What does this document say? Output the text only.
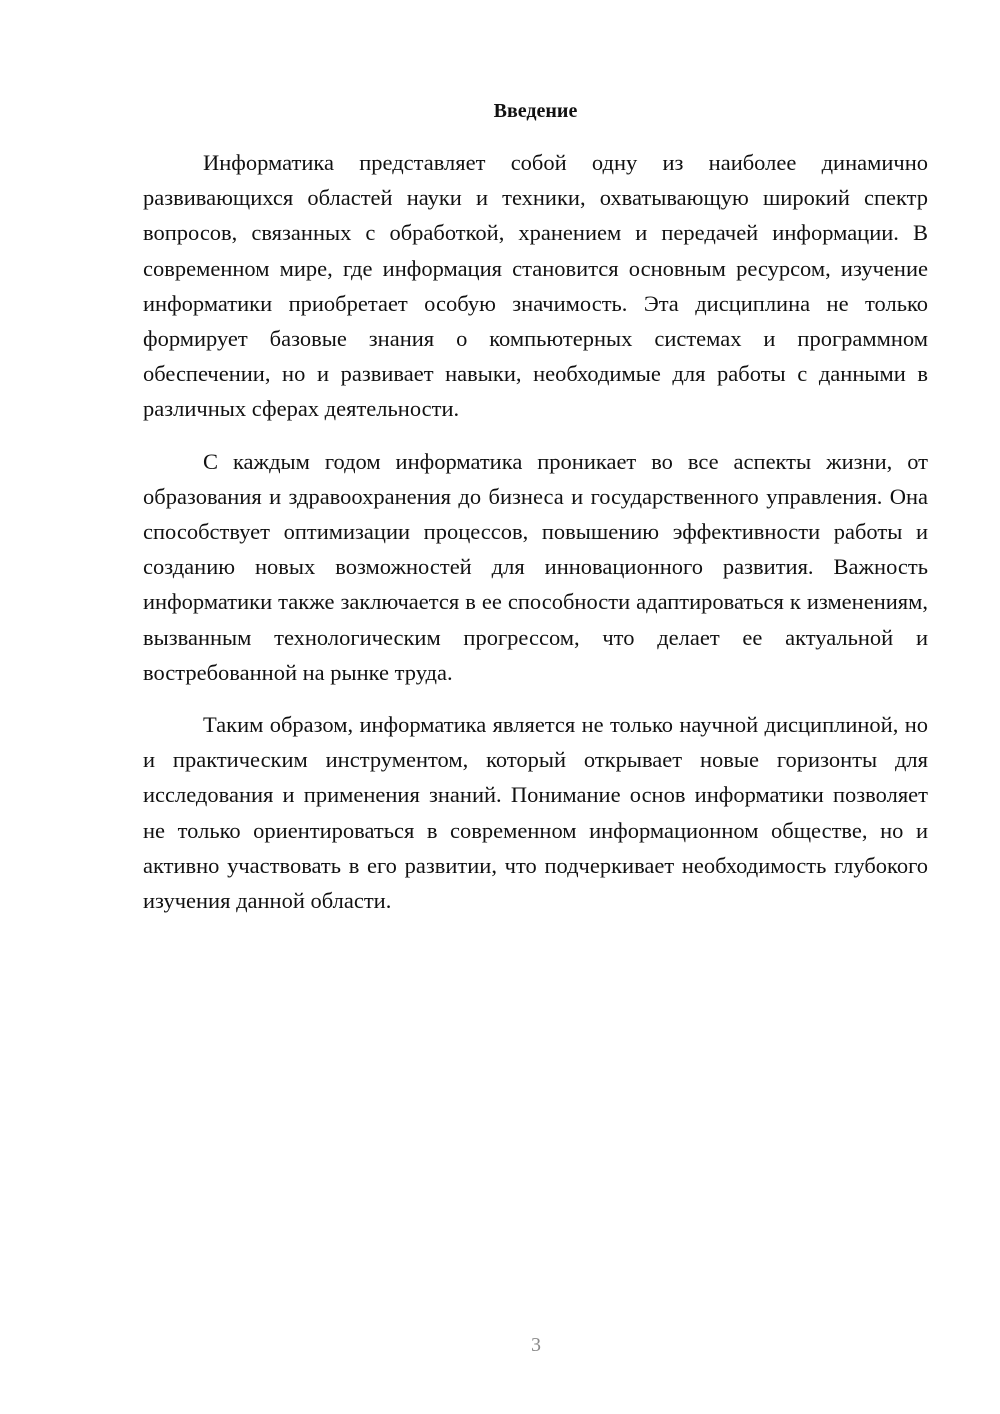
Введение

Информатика представляет собой одну из наиболее динамично развивающихся областей науки и техники, охватывающую широкий спектр вопросов, связанных с обработкой, хранением и передачей информации. В современном мире, где информация становится основным ресурсом, изучение информатики приобретает особую значимость. Эта дисциплина не только формирует базовые знания о компьютерных системах и программном обеспечении, но и развивает навыки, необходимые для работы с данными в различных сферах деятельности.

С каждым годом информатика проникает во все аспекты жизни, от образования и здравоохранения до бизнеса и государственного управления. Она способствует оптимизации процессов, повышению эффективности работы и созданию новых возможностей для инновационного развития. Важность информатики также заключается в ее способности адаптироваться к изменениям, вызванным технологическим прогрессом, что делает ее актуальной и востребованной на рынке труда.

Таким образом, информатика является не только научной дисциплиной, но и практическим инструментом, который открывает новые горизонты для исследования и применения знаний. Понимание основ информатики позволяет не только ориентироваться в современном информационном обществе, но и активно участвовать в его развитии, что подчеркивает необходимость глубокого изучения данной области.

3
